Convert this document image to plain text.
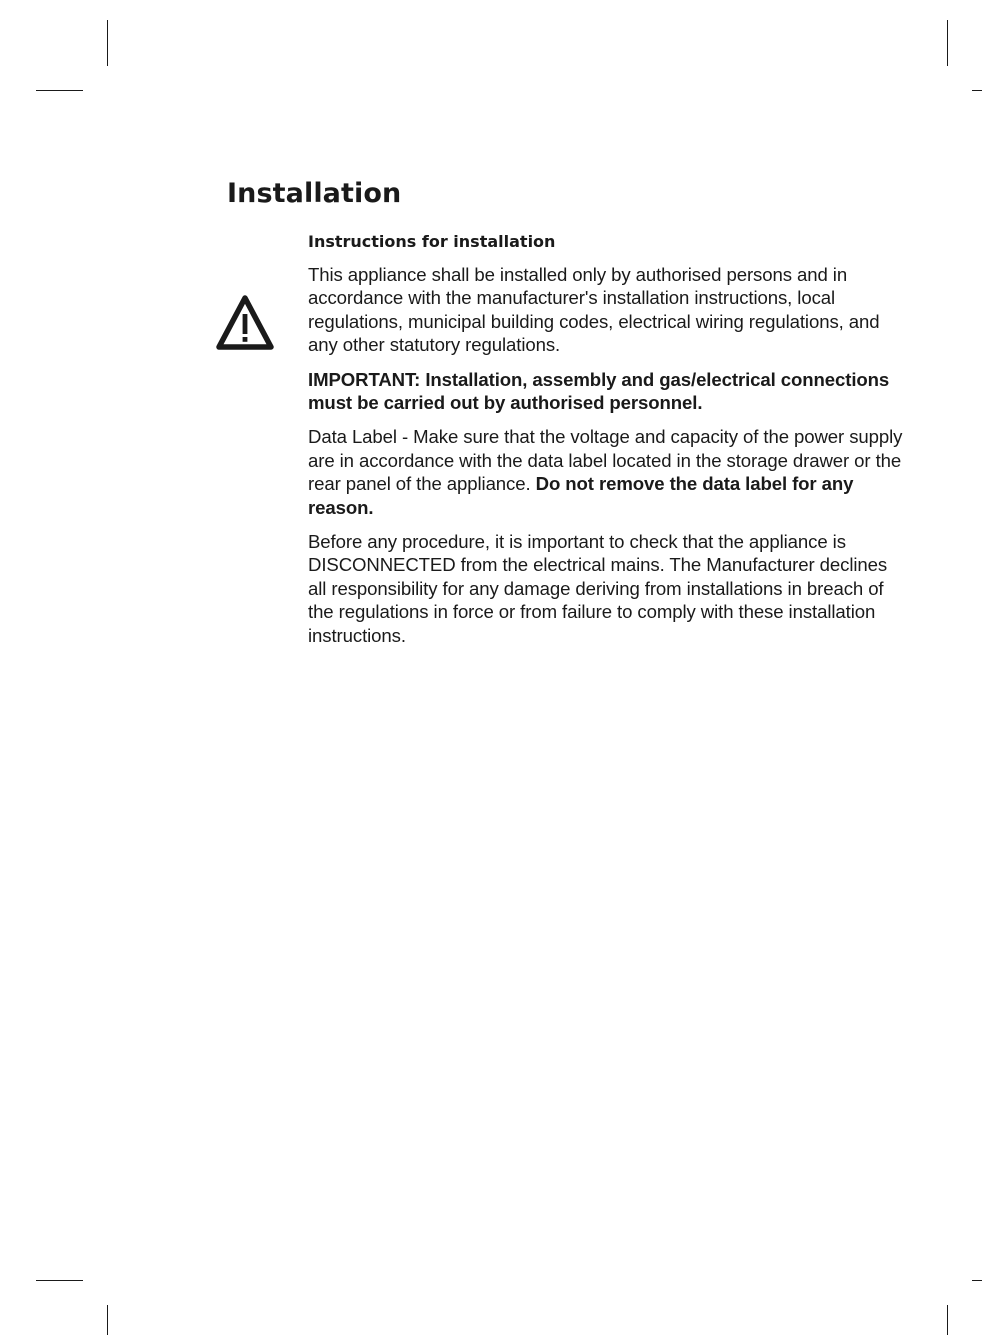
Installation
Instructions for installation

This appliance shall be installed only by authorised persons and in accordance with the manufacturer's installation instructions, local regulations, municipal building codes, electrical wiring regulations, and any other statutory regulations.

IMPORTANT: Installation, assembly and gas/electrical connections must be carried out by authorised personnel.

Data Label - Make sure that the voltage and capacity of the power supply are in accordance with the data label located in the storage drawer or the rear panel of the appliance. Do not remove the data label for any reason.

Before any procedure, it is important to check that the appliance is DISCONNECTED from the electrical mains. The Manufacturer declines all responsibility for any damage deriving from installations in breach of the regulations in force or from failure to comply with these installation instructions.
